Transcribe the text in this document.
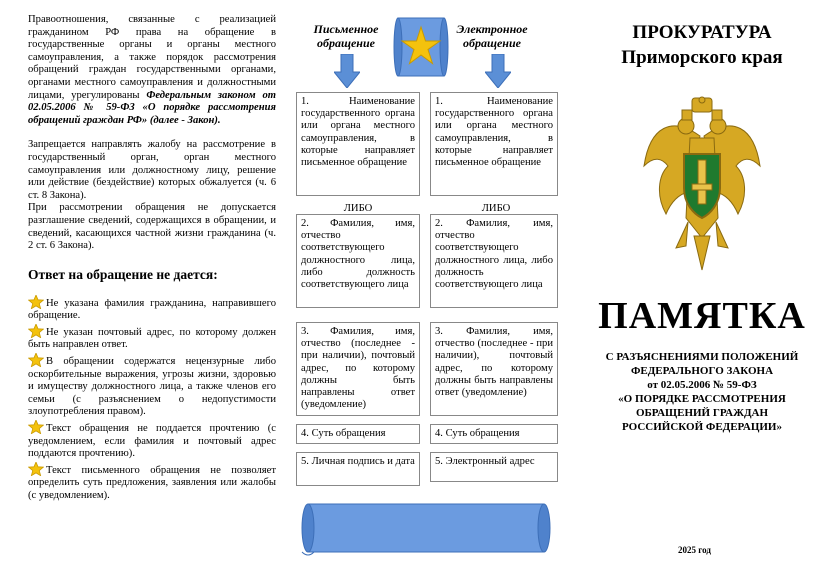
Правоотношения, связанные с реализацией гражданином РФ права на обращение в государственные органы и органы местного самоуправления, а также порядок рассмотрения обращений граждан государственными органами, органами местного самоуправления и должностными лицами, урегулированы Федеральным законом от 02.05.2006 № 59-ФЗ «О порядке рассмотрения обращений граждан РФ» (далее - Закон).

Запрещается направлять жалобу на рассмотрение в государственный орган, орган местного самоуправления или должностному лицу, решение или действие (бездействие) которых обжалуется (ч. 6 ст. 8 Закона).

При рассмотрении обращения не допускается разглашение сведений, содержащихся в обращении, и сведений, касающихся частной жизни гражданина (ч. 2 ст. 6 Закона).

Ответ на обращение не дается:

Не указана фамилия гражданина, направившего обращение.

Не указан почтовый адрес, по которому должен быть направлен ответ.

В обращении содержатся нецензурные либо оскорбительные выражения, угрозы жизни, здоровью и имуществу должностного лица, а также членов его семьи (с разъяснением о недопустимости злоупотребления правом).

Текст обращения не поддается прочтению (с уведомлением, если фамилия и почтовый адрес поддаются прочтению).

Текст письменного обращения не позволяет определить суть предложения, заявления или жалобы (с уведомлением).

Письменное обращение
Электронное обращение
1. Наименование государственного органа или органа местного самоуправления, в которые направляет письменное обращение
2. Фамилия, имя, отчество соответствующего должностного лица, либо должность соответствующего лица
3. Фамилия, имя, отчество (последнее - при наличии), почтовый адрес, по которому должны быть направлены ответ (уведомление)
4. Суть обращения
5. Личная подпись и дата
1. Наименование государственного органа или органа местного самоуправления, в которые направляет письменное обращение
2. Фамилия, имя, отчество соответствующего должностного лица, либо должность соответствующего лица
3. Фамилия, имя, отчество (последнее - при наличии), почтовый адрес, по которому должны быть направлены ответ (уведомление)
4. Суть обращения
5. Электронный адрес
ЛИБО	ЛИБО
ПРОКУРАТУРА
Приморского края
ПАМЯТКА
С РАЗЪЯСНЕНИЯМИ ПОЛОЖЕНИЙ
ФЕДЕРАЛЬНОГО ЗАКОНА
от 02.05.2006 № 59-ФЗ
«О ПОРЯДКЕ РАССМОТРЕНИЯ
ОБРАЩЕНИЙ ГРАЖДАН
РОССИЙСКОЙ ФЕДЕРАЦИИ»
2025 год
